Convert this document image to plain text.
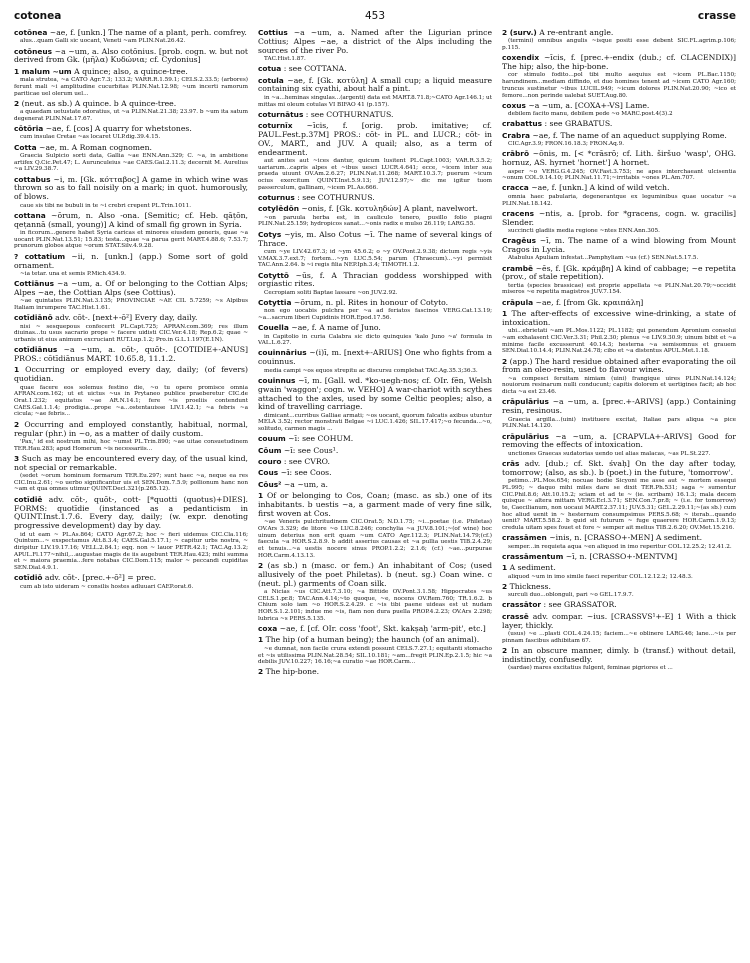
cotonea	453	crasse
cotōnea ~ae, f. [unkn.] The name of a plant, perh. comfrey.
alus...quam Galli sic uocant, Veneti ~am PLIN.Nat.26.42.
cotōneus ~a ~um, a. Also cotōnius. [prob. cogn. w. but not derived from Gk. (μῆλα) Κυδώνια; cf. Cydonius]
1 malum ~um A quince; also, a quince-tree.
mala strutea, ~a CATO Agr.7.3; 133.2; VARR.R.1.59.1; CELS.2.33.5; (arbores) ferunt mali ~i amplitudine cucurbitas PLIN.Nat.12.98; ~um incerti ramorum pariticae uel olerum uel...
2 (neut. as sb.) A quince. b A quince-tree.
a quaedam uetustate odoratius, ut ~a PLIN.Nat.21.38; 23.97. b ~um ita satum degenerat PLIN.Nat.17.67.
cōtōria ~ae, f. [cos] A quarry for whetstones.
cum insulae Cretae ~as locaret ULP.dig.39.4.15.
Cotta ~ae, m. A Roman cognomen.
Graecia Sulpicio sorti data, Gallia ~ae ENN.Ann.329; C. ~a, in ambitione artifex Q.Cic.Pet.47; L. Aurunculeius ~ae CAES.Gal.2.11.3; decernit M. Aurelius ~a LIV.29.38.7.
cottabus ~i, m. [Gk. κότταβος] A game in which wine was thrown so as to fall noisily on a mark; in quot. humorously, of blows.
caue sis tibi ne bubuli in te ~i crebri crepent PL.Trin.1011.
cottana ~ōrum, n. Also -ona. [Semitic; cf. Heb. qāṭōn, qeṭannā (small, young)] A kind of small fig grown in Syria.
in ficorum...genere habet Syria caricas et minores eiusdem generis, quae ~a uocant PLIN.Nat.13.51; 15.83; testa...quae ~a parua gerit MART.4.88.6; 7.53.7; prunorum globos atque ~orum STAT.Silv.4.9.28.
? cottatium ~ii, n. [unkn.] (app.) Some sort of gold ornament.
~ia tetar. una et semis P.Mich.434.9.
Cottiānus ~a ~um, a. Of or belonging to the Cottian Alps; Alpes ~ae, the Cottian Alps (see Cottius).
~ae quintates PLIN.Nat.3.135; PROVINCIAE ~AE CIL 5.7259; ~s Alpibus Italiam inrumpere TAC.Hist.1.61.
cotīdiānō adv. cōt-. [next+-ō²] Every day, daily.
nisi ~ sesquepous confecerit PL.Capt.725; APRAN.com.369; res illum diuinas...tu usus sacrario prope ~ facere uidisti CIC.Ver.4.18; Rep.6.2; quae ~ urbanis ut eius animum excruciant RUT.Lup.1.2; Pro.in G.L.1.197(E.1N).
cotīdiānus ~a ~um, a. cōt-, quōt-. [COTIDIE+-ANUS] PROS.: cōtīdiānus MART. 10.65.8, 11.1.2.
1 Occurring or employed every day, daily; (of fevers) quotidian.
quae facere eos solemus festino die, ~o tu opere promisce omnia AFRAN.com.162; ut et uictus ~us in Prytaneo publice praeberetur CIC.de Orat.1.232; equitatus ~ae AR.N.14.1; fere ~is proeliis contendunt CAES.Gal.1.1.4; prodigia...prope ~a...ostentauisse LIV.1.42.1; ~a febris ~a cicula; ~ae febris...
2 Occurring and employed constantly, habitual, normal, regular (phr.) in ~o, as a matter of daily custom.
'Pax,' id est nostrum mihi, hoc ~umst PL.Trin.890; ~ae uitae consuetudinem TER.Hau.283; apud Homerum ~is necessariis...
3 Such as may be encountered every day, of the usual kind, not special or remarkable.
(sedet ~orum hominum formarum TER.Eu.297; sunt haec ~a, neque ea res CIC.Inu.2.61; ~o uerbo significantur uis et SEN.Dom.7.5.9; pollionum hanc non ~am et qua omnes utimur QUINT.Decl.321(p.265.12).
cotīdiē adv. cōt-, quōt-, cott- [*quotti (quotus)+DIES]. FORMS: quotīdie (instanced as a pedanticism in QUINT.Inst.1.7.6. Every day, daily; (w. expr. denoting progressive development) day by day.
id ut eam ~ PL.As.864; CATO Agr.67.2; hoc ~ fieri uidemus CIC.Cla.116; Quintum...~ exspectamus Att.8.3.4; CAES.Gal.5.17.1; ~ capitur urbs nostra, ~ diripitur LIV.19.17.16; VELL.2.84.1; eqq. non ~ lauor PETR.42.1; TAC.Ag.13.2; APUL.Fl.177~nihil,...augustae magis de iis augebunt TER.Hau.423; mihi summa et ~ maiora praemia...fere notabas CIC.Dom.115; malor ~ peccandi cupiditas SEN.Dial.4.9.1.
cotīdiō adv. cōt-. [prec.+-ō²] = prec.
cum ab isto uideram ~ consilis hostes adluuari CAEP.orat.6.
Cottius ~a ~um, a. Named after the Ligurian prince Cottius; Alpes ~ae, a district of the Alps including the sources of the river Po.
TAC.Hist.1.87.
cotua : see COTTANA.
cotula ~ae, f. [Gk. κοτύλη] A small cup; a liquid measure containing six cyathi, about half a pint.
in ~a...heminas singulas...(argenti) data est MART.8.71.8;~CATO Agr.146.1; ut mittas mi oleum cotulas VI BIFAO 41 (p.157).
coturnātus : see COTHURNATUS.
coturnīx ~īcis, f. [orig. prob. imitative; cf. PAUL.Fest.p.37M] PROS.: cōt- in PL. and LUCR.; cōt- in OV., MART., and JUV. A quail; also, as a term of endearment.
aut anites aut ~ices dantur, quicum lusitent PL.Capt.1003; VAR.R.3.5.2; uariarum...capris alpes et ~ibus uesci LUCR.4.641; ecce, ~icem inter sua praeda uiuunt OV.Am.2.6.27; PLIN.Nat.11.268; MART.10.3.7; puerum ~icum ocius exercitum QUINT.Inst.5.9.13; JUV.12.97;~ dic me igitur tuom passerculum, gallinam, ~icem PL.As.666.
coturnus : see COTHURNUS.
cotylēdōn ~onis, f. [Gk. κοτυληδών] A plant, navelwort.
~on paruula herba est, in cauliculo tenero, pusillo folio piagni PLIN.Nat.25.159; hydropicos sanat...~onis radix e mulso 26.119; LARG.55.
Cotys ~yis, m. Also Cotus ~ī. The name of several kings of Thrace.
cum ~ye LIV.42.67.3; id ~ym 45.6.2; o ~y OV.Pont.2.9.38; dictum regis ~yis V.MAX.3.7.ext.7; fortem...~yn LUC.5.54; parum (Thraecum)...~yi permisit TAC.Ann.2.64. b ~i regis filia NEP.Iph.3.4; TIMOTH.1.2.
Cotyttō ~ūs, f. A Thracian goddess worshipped with orgiastic rites.
Cecropiam soliti Baptae lassare ~on JUV.2.92.
Cotyttia ~ōrum, n. pl. Rites in honour of Cotyto.
non ego uocabis pulchra per ~a ad feriatos fascinos VERG.Cat.13.19; ~a...sacrum liberi Cupidinis HOR.Epod.17.56.
Couella ~ae, f. A name of Juno.
in Capitolio in curia Calabra sic dicto quinquies 'kalo Juno ~a' formula in VAL.L.6.27.
couinnārius ~(i)ī, m. [next+-ARIUS] One who fights from a couinnus.
media campi ~os equos strepitu ac discursu complebat TAC.Ag.35.3;36.3.
couinnus ~ī, m. [Gall. wd. *ko-uegh-nos; cf. OIr. fēn, Welsh gwain 'waggon'; cogn. w. VEHO] A war-chariot with scythes attached to the axles, used by some Celtic peoples; also, a kind of travelling carriage.
dimicant...curribus Galliae armati; ~os uocant, quorum falcatis axibus utuntur MELA 3.52; rector monstrati Belgae ~i LUC.1.426; SIL.17.417;~o fecunda...~o, solitudo, carmen magis ...
couum ~ī: see COHUM.
Cōum ~ī: see Cous¹.
couro : see CVRO.
Cous ~ī: see Coos.
Cōus² ~a ~um, a.
1 Of or belonging to Cos, Coan; (masc. as sb.) one of its inhabitants. b uestis ~a, a garment made of very fine silk, first woven at Cos.
~ae Veneris pulchritudinem CIC.Orat.5; N.D.1.75; ~i...poetae (i.e. Philetas) OV.Ars 3.329; de litore ~o LUC.8.246; conchylia ~a JUV.8.101;~(of wine) hoc uinum deterius non erit quam ~um CATO Agr.112.3; PLIN.Nat.14.79;(cf.) faecula ~a HOR.S.2.8.9. b addit asserius causas et ~a pullia uestis TIB.2.4.29; et tenuis...~a uestis nocere sinus PROP.1.2.2; 2.1.6; (cf.) ~ae...purpurae HOR.Carm.4.13.13.
2 (as sb.) n (masc. or fem.) An inhabitant of Cos; (used allusively of the poet Philetas). b (neut. sg.) Coan wine. c (neut. pl.) garments of Coan silk.
a Nicias ~us CIC.Att.7.3.10; ~a Bittide OV.Pont.3.1.58; Hippocrates ~us CELS.1.pr.8; TAC.Ann.4.14;~to quoque, ~e, nocens OV.Rem.760; TR.1.6.2. b Chium solo iam ~o HOR.S.2.4.29. c ~is tibi paene uideas est ut nudam HOR.S.1.2.101; indue me ~is, fiam non dura puella PROP.4.2.23; OV.Ars 2.298; lubrica ~s PERS.5.135.
coxa ~ae, f. [cf. OIr. coss 'foot', Skt. kakṣaḥ 'arm-pit', etc.]
1 The hip (of a human being); the haunch (of an animal).
~e dumnat, non facile crura extendi possunt CELS.7.27.1; equitanti stomacho et ~is utilissima PLIN.Nat.28.54; SIL.10.181; ~am...fregit PLIN.Ep.2.1.5; hic ~a debilis JUV.10.227; 16.16;~a curatio ~ae HOR.Carm...
2 The hip-bone.
2 (surv.) A re-entrant angle.
(termini) omnibus angulis ~isque positi esse debent SIC.FL.agrim.p.106; p.115.
coxendix ~īcis, f. [prec.+-endix (dub.; cf. CLACENDIX)] The hip; also, the hip-bone.
cor stimulo fodito...pol tibi multo aequius est ~icem PL.Bac.1150; harundinem...mediam diffindo, et duo homines tenent ad ~icem CATO Agr.160; truncus sustinetur ~ibus LUCIL.949; ~icum dolores PLIN.Nat.20.90; ~ico et femore...non perinde ualebat SUET.Aug.80.
coxus ~a ~um, a. [COXA+-VS] Lame.
debilem facito manu, debilem pede ~o MARC.post.4(3).2
crabattus : see GRABATUS.
Crabra ~ae, f. The name of an aqueduct supplying Rome.
CIC.Agr.3.9; FRON.16.18.3; FRON.Aq.9.
crābrō ~ōnis, m. [< *crāsrō; cf. Lith. širšuo 'wasp', OHG. hornuz, AS. hyrnet 'hornet'] A hornet.
asper ~o VERG.G.4.245; OV.Fast.3.753; ne apes interchaeant ulcisentia ~onum COL.9.14.10; PLIN.Nat.11.71;~irritabis ~ones PL.Am.707.
cracca ~ae, f. [unkn.] A kind of wild vetch.
omnia haec pabularia, degenerantque ex leguminibus quae uocatur ~a PLIN.Nat.18.142.
cracens ~ntis, a. [prob. for *gracens, cogn. w. gracilis] Slender.
succincti gladiis media regione ~ntes ENN.Ann.305.
Cragēus ~ī, m. The name of a wind blowing from Mount Cragos in Lycia.
Atabulus Apuliam infestat...Pamphyliam ~us (cf.) SEN.Nat.5.17.5.
crambē ~ēs, f. [Gk. κράμβη] A kind of cabbage; ~e repetita (prov., of stale repetition).
tertia (species brassicae) est proprie appellata ~e PLIN.Nat.20.79;~occidit miseros ~e repetita magistros JUV.7.154.
crāpula ~ae, f. [from Gk. κραιπάλη]
1 The after-effects of excessive wine-drinking, a state of intoxication.
ubi...ebrietati ~am PL.Mos.1122; PL.1182; qui ponendum Apronium consolui ~am exhalasent CIC.Ver.3.31; Phil.2.30; plenus ~e LIV.9.30.9; uinum bibit et ~a minime facile excusserunt 40.14.3; hesterna ~a semisomnus et grauem SEN.Dial.10.14.4; PLIN.Nat.24.78; cibo et ~a distentus APUL.Met.1.18.
2 (app.) The hard residue obtained after evaporating the oil from an oleo-resin, used to flavour wines.
~a compesci feruitam nimiam (uini) frangique uires PLIN.Nat.14.124; nouiorum resinarum nulli conducunt; capitis dolorem et uertigines facit; ab hoc dicta ~a est 23.46.
crāpulārius ~a ~um, a. [prec.+-ARIVS] (app.) Containing resin, resinous.
Graecia argilla...(uini) instituere excitat, Italiae pars aliqua ~a pice PLIN.Nat.14.120.
crāpulārius ~a ~um, a. [CRAPVLA+-ARIVS] Good for removing the effects of intoxication.
unctiones Graecas sudatorias uendo uel alias malacas, ~as PL.St.227.
crās adv. [dub.; cf. Skt. śvaḥ] On the day after today, tomorrow; (also, as sb.). b (poet.) in the future, 'tomorrow'.
petimo...PL.Mos.654; nocuae hodie Sicyoni me asse aut ~ mortem essequi PL.995; ~ daquo mihi miles dare se dixit TER.Ph.531; saga ~ sumentur CIC.Phil.8.6; Att.10.15.2; sciam et ad te ~ (ie. scribam) 16.1.3; mala decem quisque ~ altera mittam VERG.Ecl.3.71; SEN.Con.7.pr.8; ~ (i.e. for tomorrow) te, Caecilianum, non uocaui MART.2.37.11; JUV.5.31; GEL.2.29.11;~(as sb.) cum hoc aliud uenit in ~ hesternum consumpsimus PERS.5.68; ~ iterab...quando uenit? MART.5.58.2. b quid sit futurum ~ fuge quaerere HOR.Carm.1.9.13; credula uitam spes fouet et fore ~ semper ait melius TIB.2.6.20; OV.Met.15.216.
crassāmen ~inis, n. [CRASSO+-MEN] A sediment.
semper...in requieta aqua ~en aliquod in imo reperitur COL.12.25.2; 12.41.2.
crassāmentum ~ī, n. [CRASSO+-MENTVM]
1 A sediment.
aliquod ~um in imo simile faeci reperitur COL.12.12.2; 12.48.3.
2 Thickness.
surculi duo...oblonguli, pari ~o GEL.17.9.7.
crassātor : see GRASSATOR.
crassē adv. compar. ~ius. [CRASSVS¹+-E] 1 With a thick layer, thickly.
(usus) ~e ...plasti COL.4.24.15; faciem...~e oblinere LARG.46; lane...~is per pinnam fascibus adhibitam 67.
2 In an obscure manner, dimly. b (transf.) without detail, indistinctly, confusedly.
(sardae) mares excitatius fulgent, feminae pigriores et ...
